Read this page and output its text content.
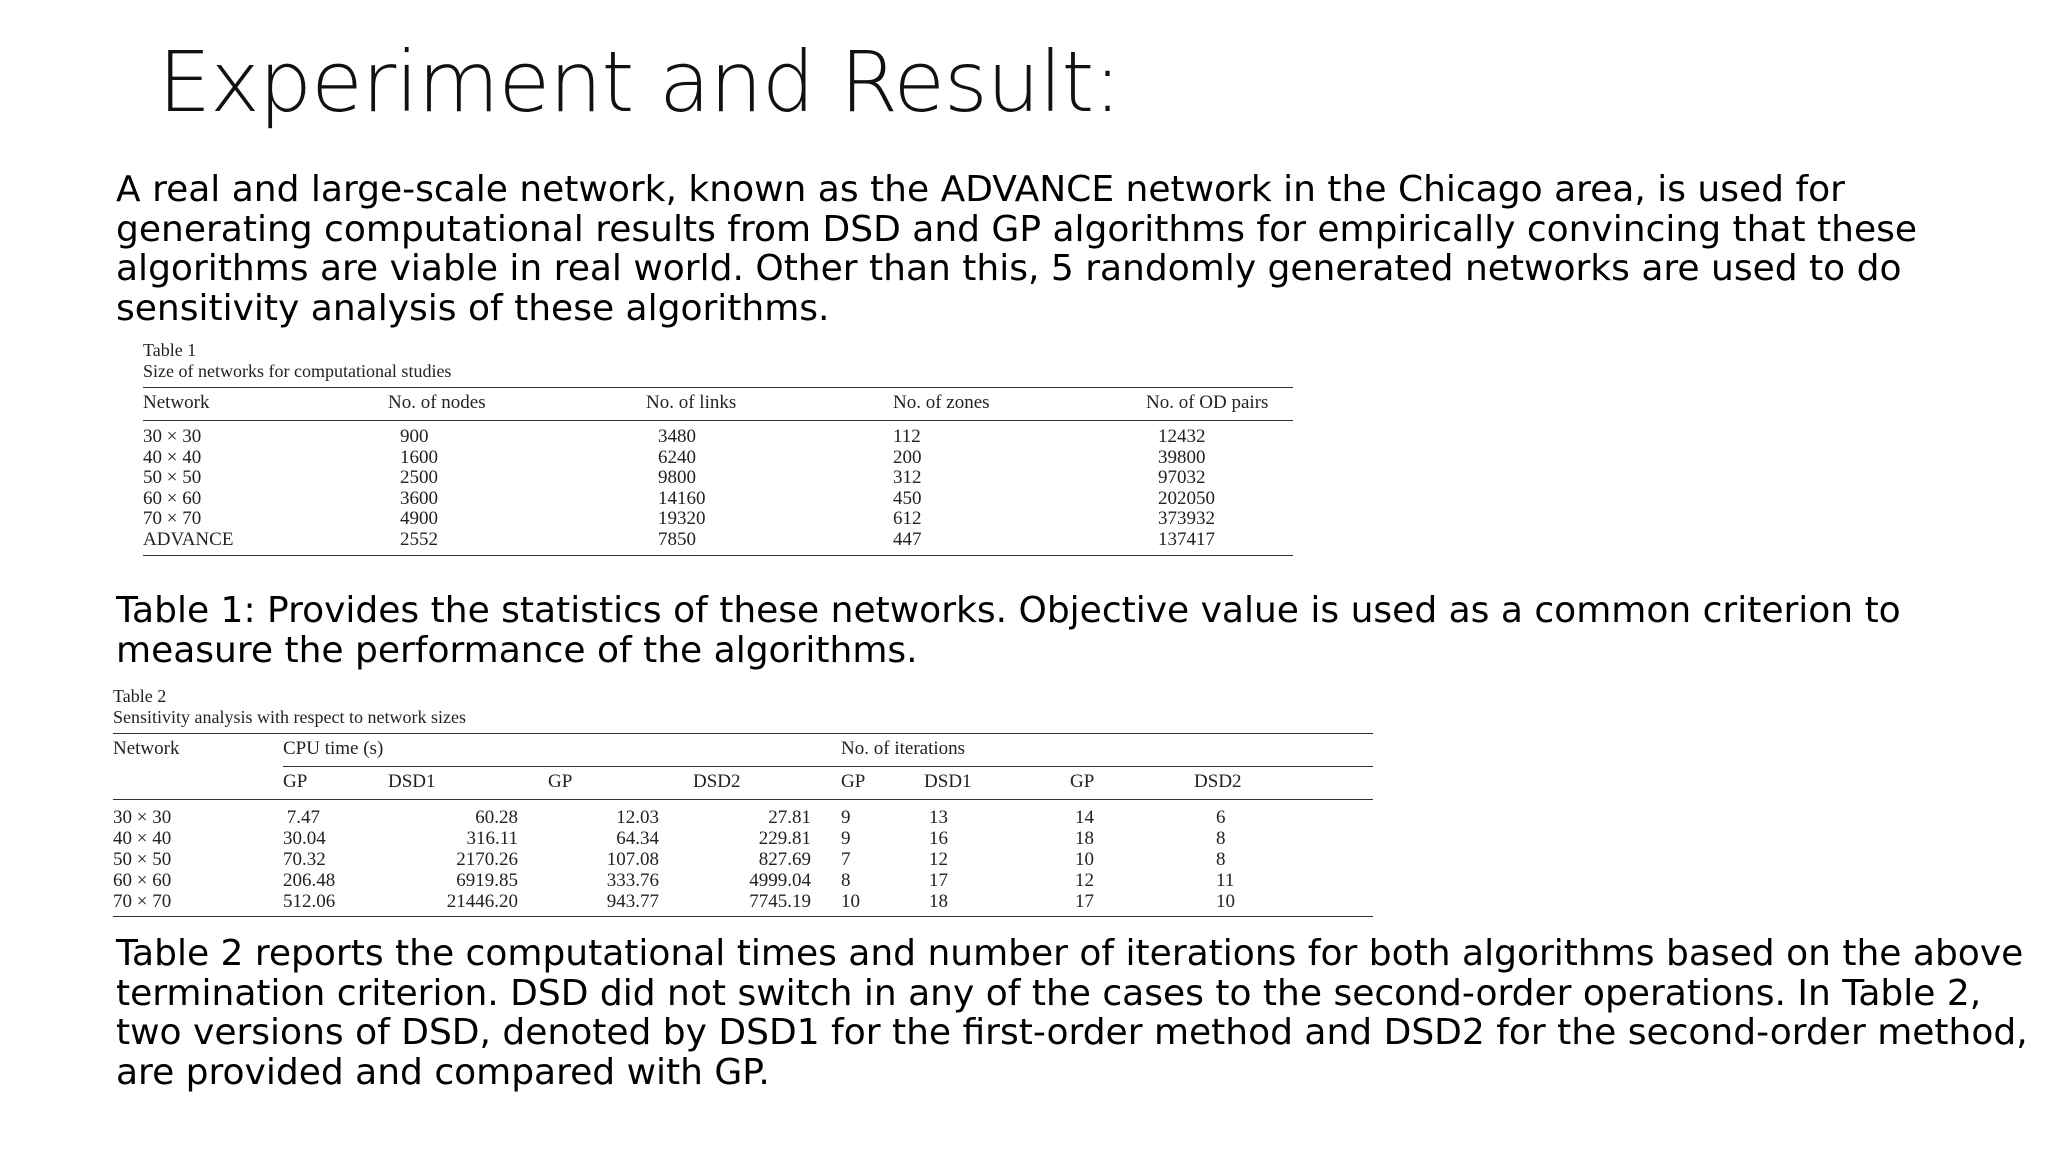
Experiment and Result:
A real and large-scale network, known as the ADVANCE network in the Chicago area, is used for
generating computational results from DSD and GP algorithms for empirically convincing that these
algorithms are viable in real world. Other than this, 5 randomly generated networks are used to do
sensitivity analysis of these algorithms.
Table 1
Size of networks for computational studies
Network	No. of nodes	No. of links	No. of zones	No. of OD pairs
30 × 30	900	3480	112	12432
40 × 40	1600	6240	200	39800
50 × 50	2500	9800	312	97032
60 × 60	3600	14160	450	202050
70 × 70	4900	19320	612	373932
ADVANCE	2552	7850	447	137417
Table 1: Provides the statistics of these networks. Objective value is used as a common criterion to
measure the performance of the algorithms.
Table 2
Sensitivity analysis with respect to network sizes
Network	CPU time (s)				No. of iterations			
	GP	DSD1	GP	DSD2	GP	DSD1	GP	DSD2
30 × 30	7.47	60.28	12.03	27.81	9	13	14	6
40 × 40	30.04	316.11	64.34	229.81	9	16	18	8
50 × 50	70.32	2170.26	107.08	827.69	7	12	10	8
60 × 60	206.48	6919.85	333.76	4999.04	8	17	12	11
70 × 70	512.06	21446.20	943.77	7745.19	10	18	17	10
Table 2 reports the computational times and number of iterations for both algorithms based on the above
termination criterion. DSD did not switch in any of the cases to the second-order operations. In Table 2,
two versions of DSD, denoted by DSD1 for the first-order method and DSD2 for the second-order method,
are provided and compared with GP.
